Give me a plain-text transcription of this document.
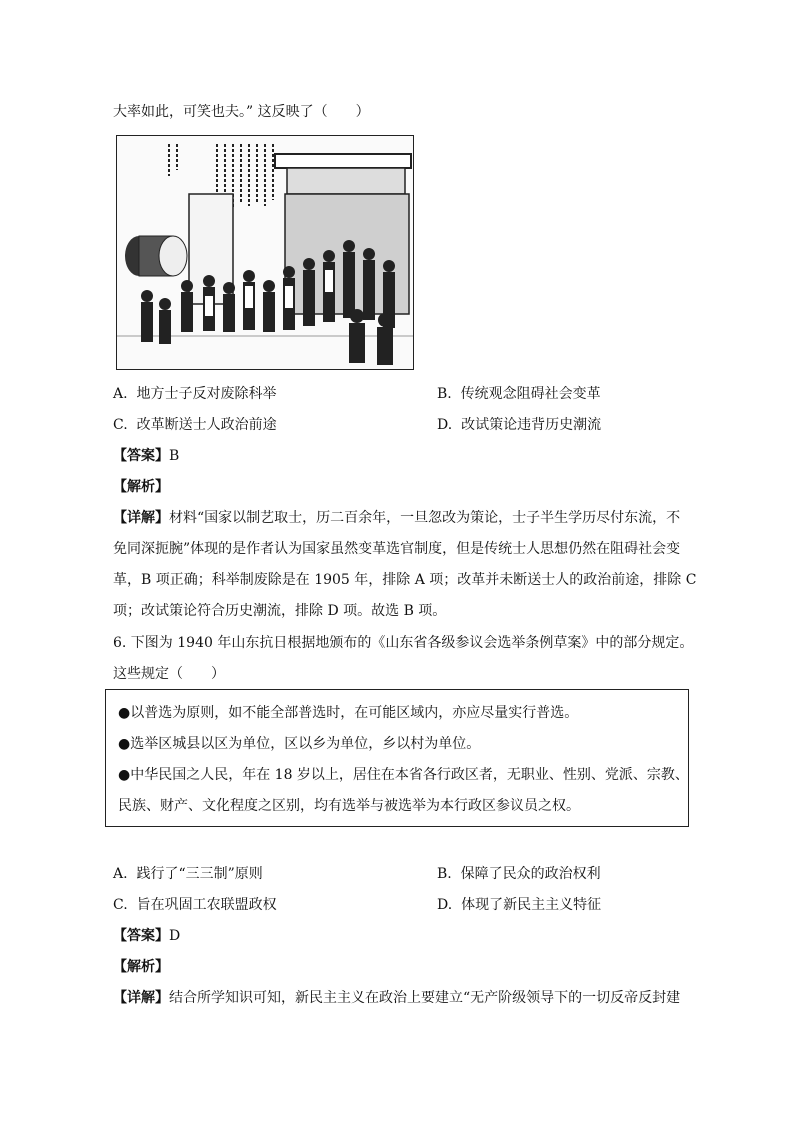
大率如此，可笑也夫。” 这反映了（　　）
A. 地方士子反对废除科举	B. 传统观念阻碍社会变革
C. 改革断送士人政治前途	D. 改试策论违背历史潮流
【答案】B
【解析】
【详解】材料“国家以制艺取士，历二百余年，一旦忽改为策论，士子半生学历尽付东流，不
免同深扼腕”体现的是作者认为国家虽然变革选官制度，但是传统士人思想仍然在阻碍社会变
革，B 项正确；科举制废除是在 1905 年，排除 A 项；改革并未断送士人的政治前途，排除 C
项；改试策论符合历史潮流，排除 D 项。故选 B 项。
6. 下图为 1940 年山东抗日根据地颁布的《山东省各级参议会选举条例草案》中的部分规定。
这些规定（　　）
●以普选为原则，如不能全部普选时，在可能区域内，亦应尽量实行普选。
●选举区城县以区为单位，区以乡为单位，乡以村为单位。
●中华民国之人民，年在 18 岁以上，居住在本省各行政区者，无职业、性别、党派、宗教、
民族、财产、文化程度之区别，均有选举与被选举为本行政区参议员之权。
A. 践行了“三三制”原则	B. 保障了民众的政治权利
C. 旨在巩固工农联盟政权	D. 体现了新民主主义特征
【答案】D
【解析】
【详解】结合所学知识可知，新民主主义在政治上要建立“无产阶级领导下的一切反帝反封建
